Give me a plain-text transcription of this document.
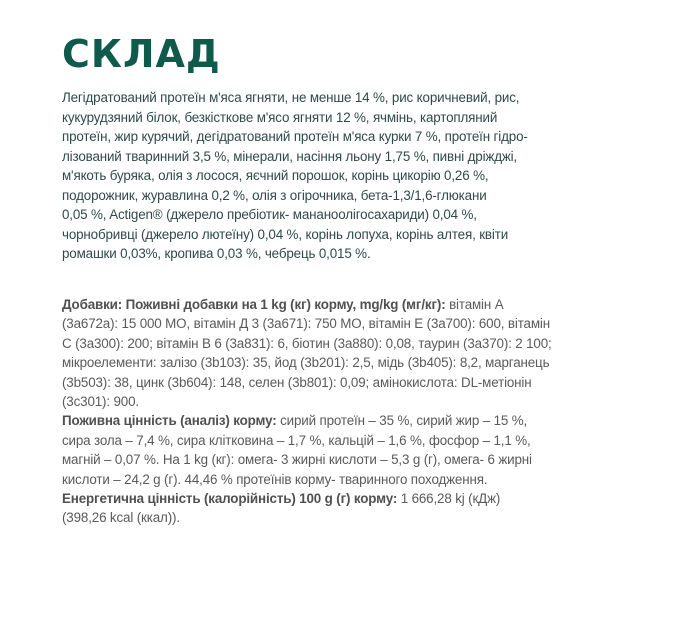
СКЛАД
Легідратований протеїн м'яса ягняти, не менше 14 %, рис коричневий, рис,
кукурудзяний білок, безкісткове м'ясо ягняти 12 %, ячмінь, картопляний
протеїн, жир курячий, дегідратований протеїн м'яса курки 7 %, протеїн гідро-
лізований тваринний 3,5 %, мінерали, насіння льону 1,75 %, пивні дріжджі,
м'якоть буряка, олія з лосося, яєчний порошок, корінь цикорію 0,26 %,
подорожник, журавлина 0,2 %, олія з огірочника, бета-1,3/1,6-глюкани
0,05 %, Actigen® (джерело пребіотик- мананоолігосахариди) 0,04 %,
чорнобривці (джерело лютеїну) 0,04 %, корінь лопуха, корінь алтея, квіти
ромашки 0,03%, кропива 0,03 %, чебрець 0,015 %.
Добавки: Поживні добавки на 1 kg (кг) корму, mg/kg (мг/кг): вітамін А
(3a672a): 15 000 МО, вітамін Д 3 (3a671): 750 МО, вітамін Е (3a700): 600, вітамін
С (3a300): 200; вітамін В 6 (3a831): 6, біотин (3a880): 0,08, таурин (3a370): 2 100;
мікроелементи: залізо (3b103): 35, йод (3b201): 2,5, мідь (3b405): 8,2, марганець
(3b503): 38, цинк (3b604): 148, селен (3b801): 0,09; амінокислота: DL-метіонін
(3c301): 900.
Поживна цінність (аналіз) корму: сирий протеїн – 35 %, сирий жир – 15 %,
сира зола – 7,4 %, сира клітковина – 1,7 %, кальцій – 1,6 %, фосфор – 1,1 %,
магній – 0,07 %. На 1 kg (кг): омега- 3 жирні кислоти – 5,3 g (г), омега- 6 жирні
кислоти – 24,2 g (г). 44,46 % протеїнів корму- тваринного походження.
Енергетична цінність (калорійність) 100 g (г) корму: 1 666,28 kj (кДж)
(398,26 kcal (ккал)).
